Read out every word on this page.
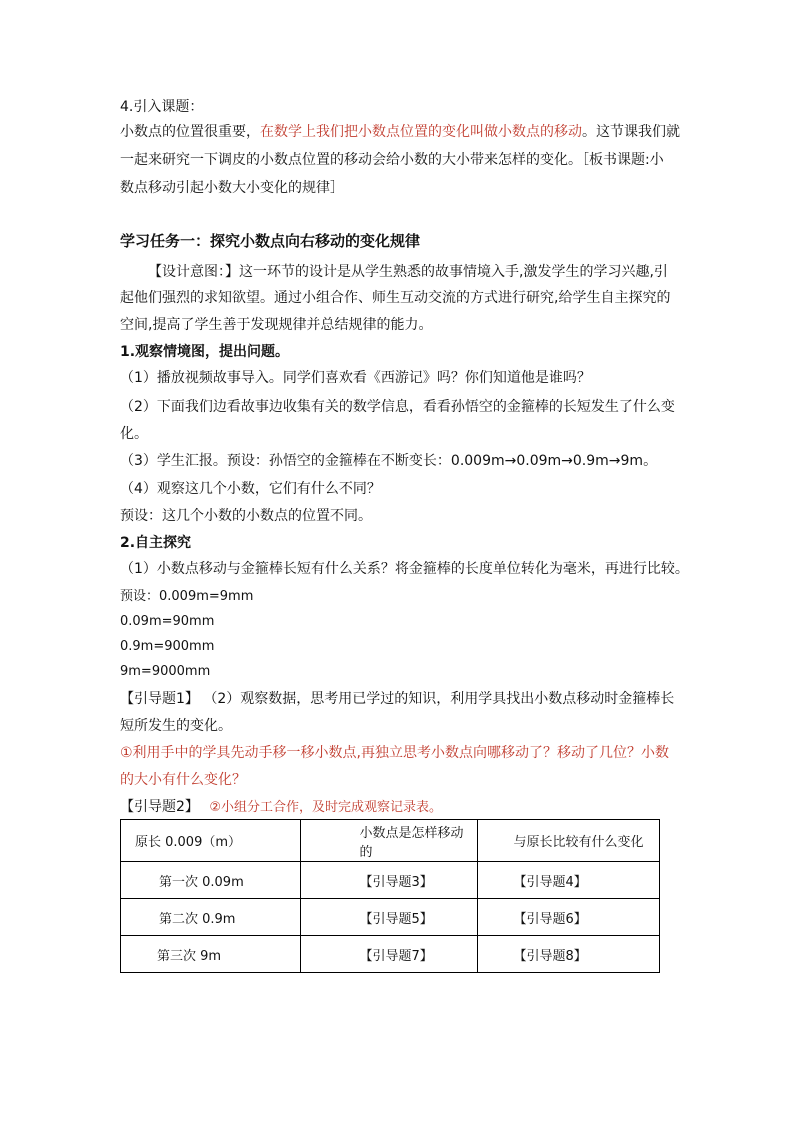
4.引入课题：
小数点的位置很重要，在数学上我们把小数点位置的变化叫做小数点的移动。这节课我们就
一起来研究一下调皮的小数点位置的移动会给小数的大小带来怎样的变化。［板书课题:小
数点移动引起小数大小变化的规律］
学习任务一：探究小数点向右移动的变化规律
【设计意图：】这一环节的设计是从学生熟悉的故事情境入手,激发学生的学习兴趣,引
起他们强烈的求知欲望。通过小组合作、师生互动交流的方式进行研究,给学生自主探究的
空间,提高了学生善于发现规律并总结规律的能力。
1.观察情境图，提出问题。
（1）播放视频故事导入。同学们喜欢看《西游记》吗？你们知道他是谁吗？
（2）下面我们边看故事边收集有关的数学信息，看看孙悟空的金箍棒的长短发生了什么变
化。
（3）学生汇报。预设：孙悟空的金箍棒在不断变长：0.009m→0.09m→0.9m→9m。
（4）观察这几个小数，它们有什么不同？
预设：这几个小数的小数点的位置不同。
2.自主探究
（1）小数点移动与金箍棒长短有什么关系？将金箍棒的长度单位转化为毫米，再进行比较。
预设：0.009m=9mm
0.09m=90mm
0.9m=900mm
9m=9000mm
【引导题1】 （2）观察数据，思考用已学过的知识，利用学具找出小数点移动时金箍棒长
短所发生的变化。
①利用手中的学具先动手移一移小数点,再独立思考小数点向哪移动了？移动了几位？小数
的大小有什么变化？
【引导题2】 ②小组分工合作，及时完成观察记录表。
原长 0.009（m）	小数点是怎样移动的	与原长比较有什么变化
第一次 0.09m	【引导题3】	【引导题4】
第二次 0.9m	【引导题5】	【引导题6】
第三次 9m	【引导题7】	【引导题8】
